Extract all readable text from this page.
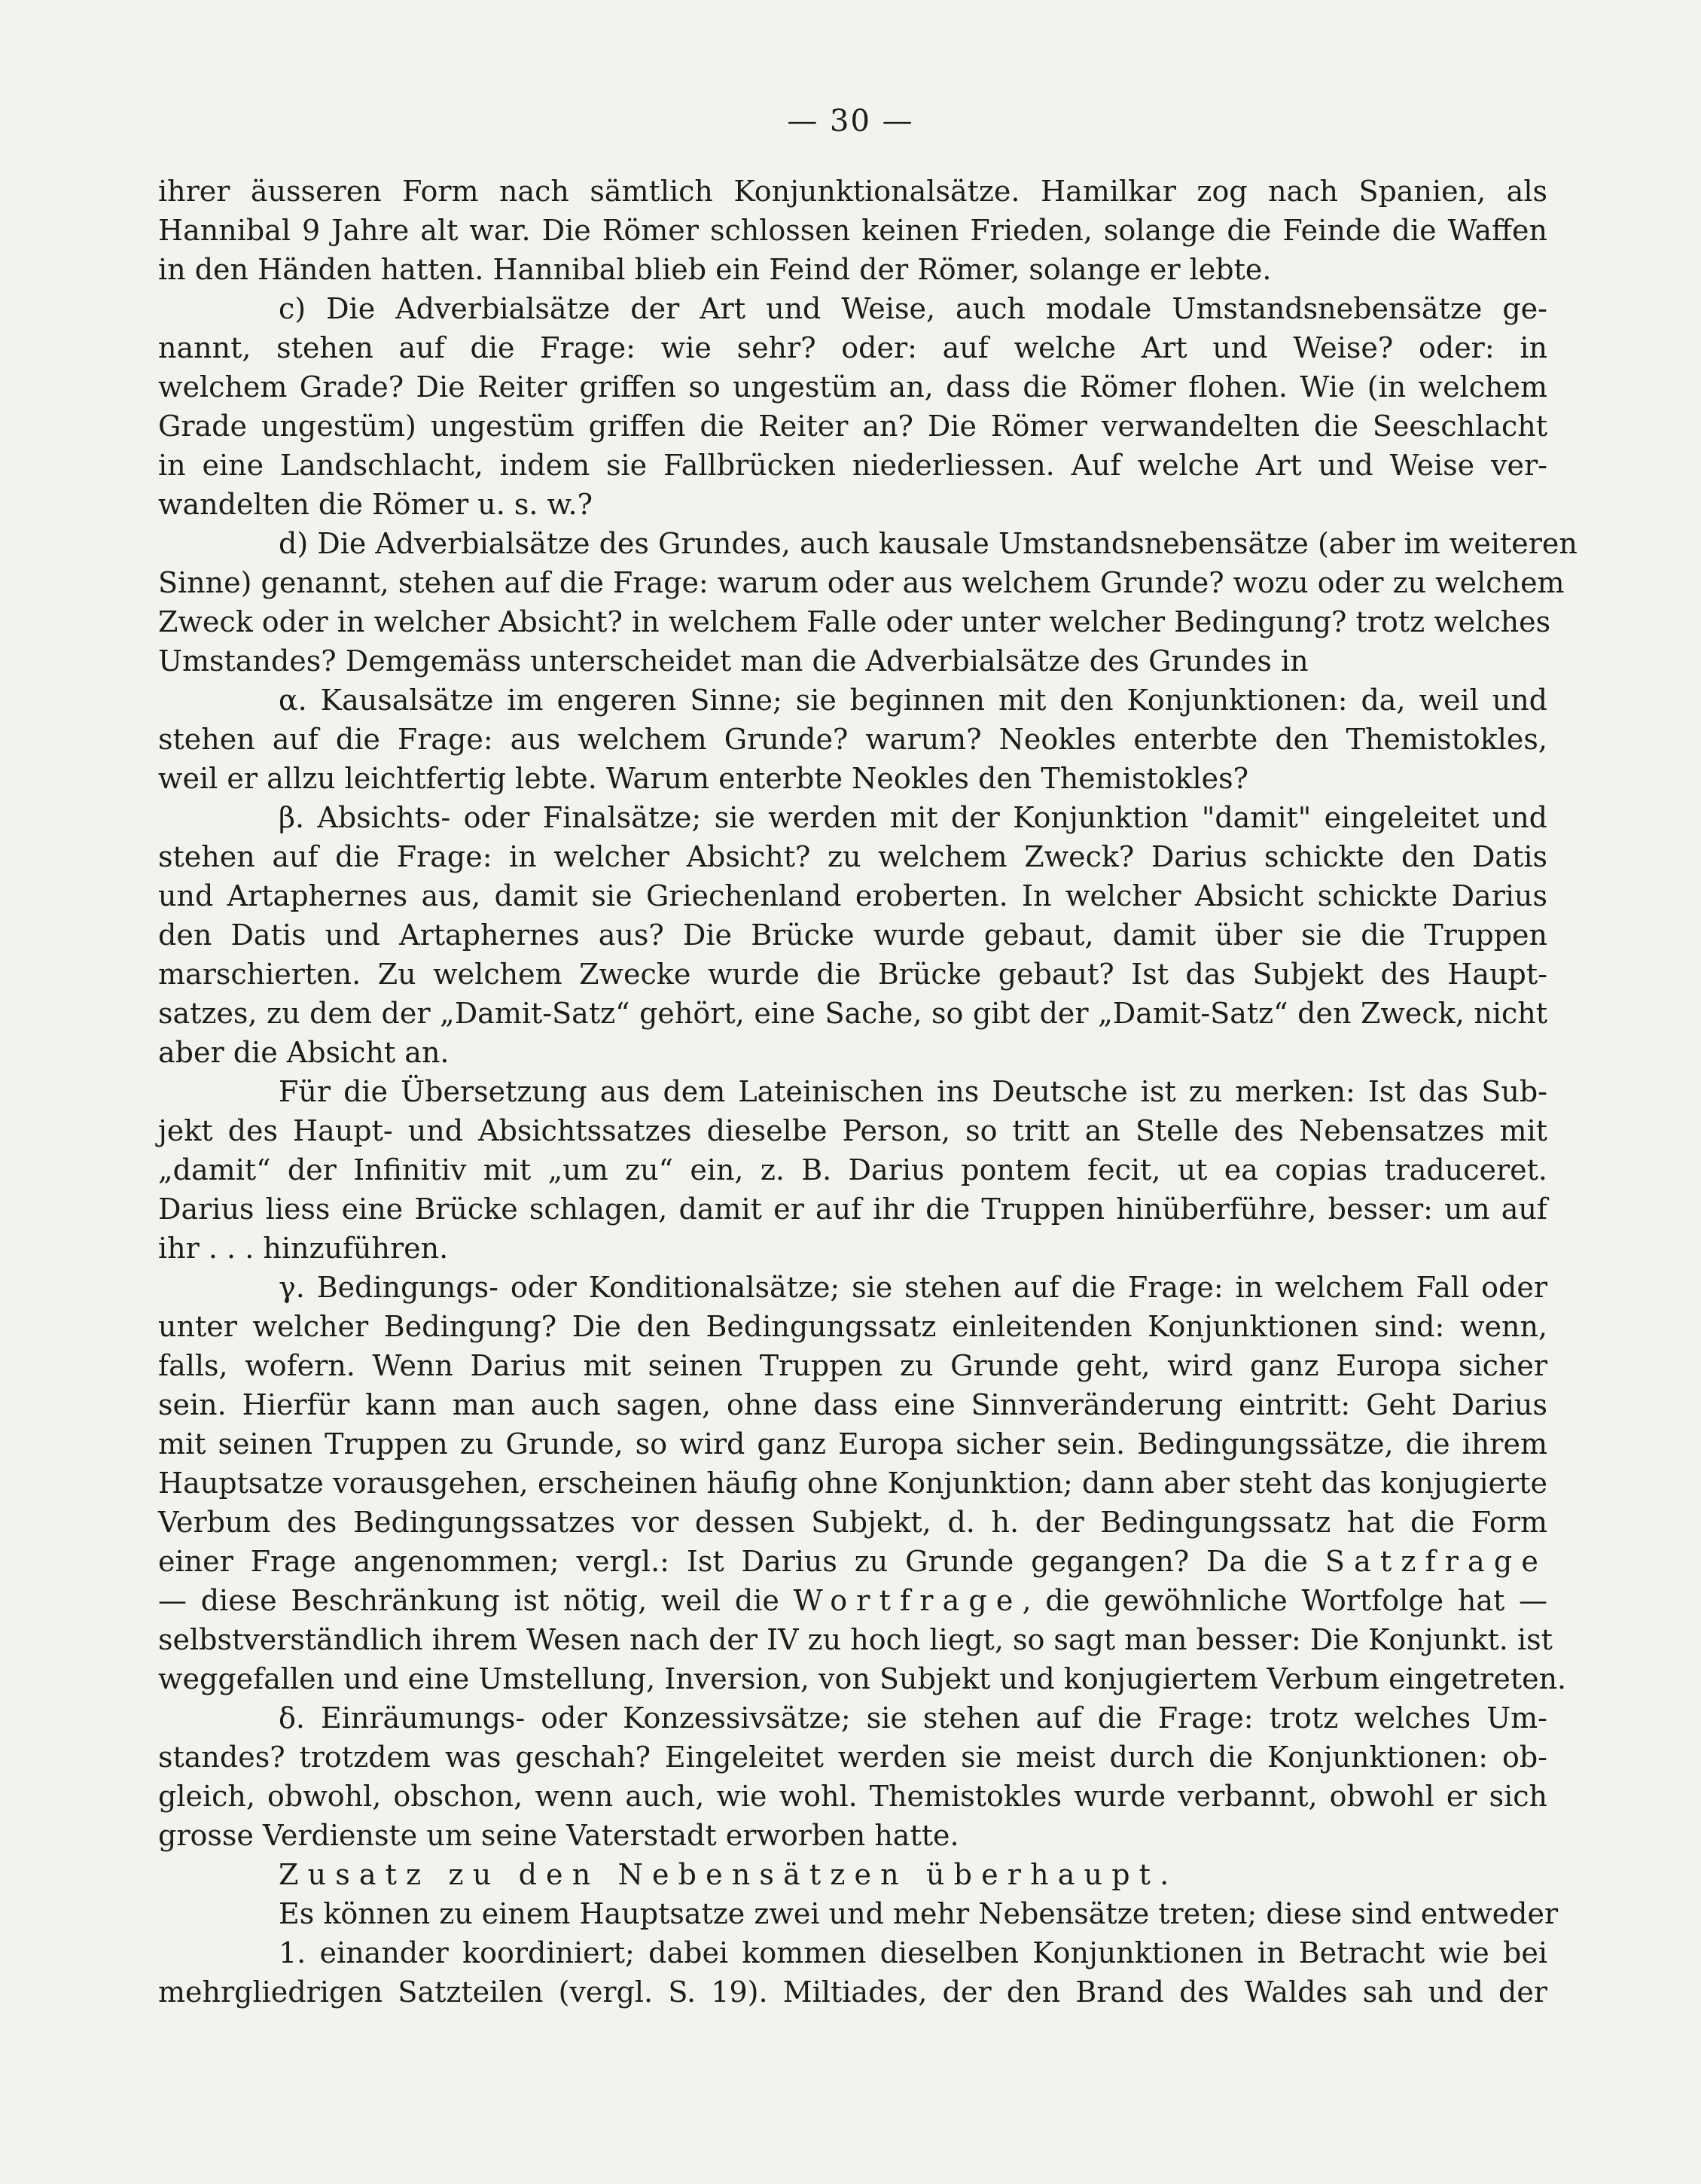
— 30 —
ihrer äusseren Form nach sämtlich Konjunktionalsätze. Hamilkar zog nach Spanien, als
Hannibal 9 Jahre alt war. Die Römer schlossen keinen Frieden, solange die Feinde die Waffen
in den Händen hatten. Hannibal blieb ein Feind der Römer, solange er lebte.
c) Die Adverbialsätze der Art und Weise, auch modale Umstandsnebensätze ge-
nannt, stehen auf die Frage: wie sehr? oder: auf welche Art und Weise? oder: in
welchem Grade? Die Reiter griffen so ungestüm an, dass die Römer flohen. Wie (in welchem
Grade ungestüm) ungestüm griffen die Reiter an? Die Römer verwandelten die Seeschlacht
in eine Landschlacht, indem sie Fallbrücken niederliessen. Auf welche Art und Weise ver-
wandelten die Römer u. s. w.?
d) Die Adverbialsätze des Grundes, auch kausale Umstandsnebensätze (aber im weiteren
Sinne) genannt, stehen auf die Frage: warum oder aus welchem Grunde? wozu oder zu welchem
Zweck oder in welcher Absicht? in welchem Falle oder unter welcher Bedingung? trotz welches
Umstandes? Demgemäss unterscheidet man die Adverbialsätze des Grundes in
α. Kausalsätze im engeren Sinne; sie beginnen mit den Konjunktionen: da, weil und
stehen auf die Frage: aus welchem Grunde? warum? Neokles enterbte den Themistokles,
weil er allzu leichtfertig lebte. Warum enterbte Neokles den Themistokles?
β. Absichts- oder Finalsätze; sie werden mit der Konjunktion "damit" eingeleitet und
stehen auf die Frage: in welcher Absicht? zu welchem Zweck? Darius schickte den Datis
und Artaphernes aus, damit sie Griechenland eroberten. In welcher Absicht schickte Darius
den Datis und Artaphernes aus? Die Brücke wurde gebaut, damit über sie die Truppen
marschierten. Zu welchem Zwecke wurde die Brücke gebaut? Ist das Subjekt des Haupt-
satzes, zu dem der „Damit-Satz“ gehört, eine Sache, so gibt der „Damit-Satz“ den Zweck, nicht
aber die Absicht an.
Für die Übersetzung aus dem Lateinischen ins Deutsche ist zu merken: Ist das Sub-
jekt des Haupt- und Absichtssatzes dieselbe Person, so tritt an Stelle des Nebensatzes mit
„damit“ der Infinitiv mit „um zu“ ein, z. B. Darius pontem fecit, ut ea copias traduceret.
Darius liess eine Brücke schlagen, damit er auf ihr die Truppen hinüberführe, besser: um auf
ihr . . . hinzuführen.
γ. Bedingungs- oder Konditionalsätze; sie stehen auf die Frage: in welchem Fall oder
unter welcher Bedingung? Die den Bedingungssatz einleitenden Konjunktionen sind: wenn,
falls, wofern. Wenn Darius mit seinen Truppen zu Grunde geht, wird ganz Europa sicher
sein. Hierfür kann man auch sagen, ohne dass eine Sinnveränderung eintritt: Geht Darius
mit seinen Truppen zu Grunde, so wird ganz Europa sicher sein. Bedingungssätze, die ihrem
Hauptsatze vorausgehen, erscheinen häufig ohne Konjunktion; dann aber steht das konjugierte
Verbum des Bedingungssatzes vor dessen Subjekt, d. h. der Bedingungssatz hat die Form
einer Frage angenommen; vergl.: Ist Darius zu Grunde gegangen? Da die Satzfrage
— diese Beschränkung ist nötig, weil die Wortfrage, die gewöhnliche Wortfolge hat —
selbstverständlich ihrem Wesen nach der IV zu hoch liegt, so sagt man besser: Die Konjunkt. ist
weggefallen und eine Umstellung, Inversion, von Subjekt und konjugiertem Verbum eingetreten.
δ. Einräumungs- oder Konzessivsätze; sie stehen auf die Frage: trotz welches Um-
standes? trotzdem was geschah? Eingeleitet werden sie meist durch die Konjunktionen: ob-
gleich, obwohl, obschon, wenn auch, wie wohl. Themistokles wurde verbannt, obwohl er sich
grosse Verdienste um seine Vaterstadt erworben hatte.
Zusatz zu den Nebensätzen überhaupt.
Es können zu einem Hauptsatze zwei und mehr Nebensätze treten; diese sind entweder
1. einander koordiniert; dabei kommen dieselben Konjunktionen in Betracht wie bei
mehrgliedrigen Satzteilen (vergl. S. 19). Miltiades, der den Brand des Waldes sah und der
